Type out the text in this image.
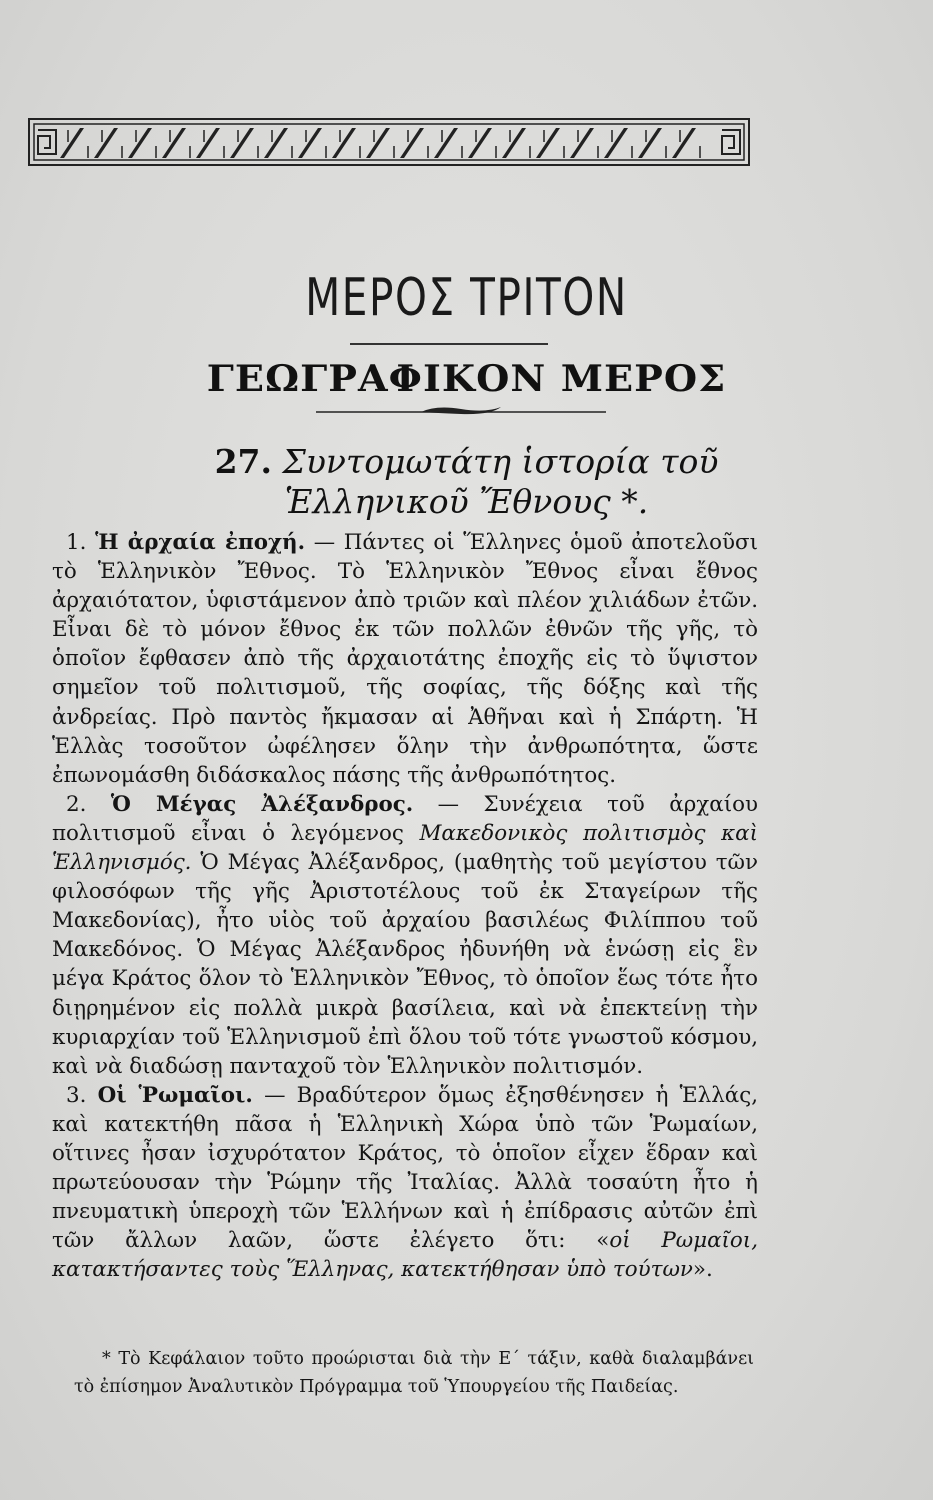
ΜΕΡΟΣ ΤΡΙΤΟΝ
ΓΕΩΓΡΑΦΙΚΟΝ ΜΕΡΟΣ
27. Συντομωτάτη ἱστορία τοῦ
Ἑλληνικοῦ Ἔθνους *.

1. Ἡ ἀρχαία ἐποχή. — Πάντες οἱ Ἕλληνες ὁμοῦ ἀποτελοῦσι τὸ Ἑλληνικὸν Ἔθνος. Τὸ Ἑλληνικὸν Ἔθνος εἶναι ἔθνος ἀρχαιότατον, ὑφιστάμενον ἀπὸ τριῶν καὶ πλέον χιλιάδων ἐτῶν. Εἶναι δὲ τὸ μόνον ἔθνος ἐκ τῶν πολλῶν ἐθνῶν τῆς γῆς, τὸ ὁποῖον ἔφθασεν ἀπὸ τῆς ἀρχαιοτάτης ἐποχῆς εἰς τὸ ὕψιστον σημεῖον τοῦ πολιτισμοῦ, τῆς σοφίας, τῆς δόξης καὶ τῆς ἀνδρείας. Πρὸ παντὸς ἤκμασαν αἱ Ἀθῆναι καὶ ἡ Σπάρτη. Ἡ Ἑλλὰς τοσοῦτον ὠφέλησεν ὅλην τὴν ἀνθρωπότητα, ὥστε ἐπωνομάσθη διδάσκαλος πάσης τῆς ἀνθρωπότητος.

2. Ὁ Μέγας Ἀλέξανδρος. — Συνέχεια τοῦ ἀρχαίου πολιτισμοῦ εἶναι ὁ λεγόμενος Μακεδονικὸς πολιτισμὸς καὶ Ἑλληνισμός. Ὁ Μέγας Ἀλέξανδρος, (μαθητὴς τοῦ μεγίστου τῶν φιλοσόφων τῆς γῆς Ἀριστοτέλους τοῦ ἐκ Σταγείρων τῆς Μακεδονίας), ἦτο υἱὸς τοῦ ἀρχαίου βασιλέως Φιλίππου τοῦ Μακεδόνος. Ὁ Μέγας Ἀλέξανδρος ἠδυνήθη νὰ ἑνώσῃ εἰς ἓν μέγα Κράτος ὅλον τὸ Ἑλληνικὸν Ἔθνος, τὸ ὁποῖον ἕως τότε ἦτο διῃρημένον εἰς πολλὰ μικρὰ βασίλεια, καὶ νὰ ἐπεκτείνῃ τὴν κυριαρχίαν τοῦ Ἑλληνισμοῦ ἐπὶ ὅλου τοῦ τότε γνωστοῦ κόσμου, καὶ νὰ διαδώσῃ πανταχοῦ τὸν Ἑλληνικὸν πολιτισμόν.

3. Οἱ Ῥωμαῖοι. — Βραδύτερον ὅμως ἐξησθένησεν ἡ Ἑλλάς, καὶ κατεκτήθη πᾶσα ἡ Ἑλληνικὴ Χώρα ὑπὸ τῶν Ῥωμαίων, οἵτινες ἦσαν ἰσχυρότατον Κράτος, τὸ ὁποῖον εἶχεν ἕδραν καὶ πρωτεύουσαν τὴν Ῥώμην τῆς Ἰταλίας. Ἀλλὰ τοσαύτη ἦτο ἡ πνευματικὴ ὑπεροχὴ τῶν Ἑλλήνων καὶ ἡ ἐπίδρασις αὐτῶν ἐπὶ τῶν ἄλλων λαῶν, ὥστε ἐλέγετο ὅτι: «οἱ Ρωμαῖοι, κατακτήσαντες τοὺς Ἕλληνας, κατεκτήθησαν ὑπὸ τούτων».

* Τὸ Κεφάλαιον τοῦτο προώρισται διὰ τὴν Ε΄ τάξιν, καθὰ διαλαμβάνει τὸ ἐπίσημον Ἀναλυτικὸν Πρόγραμμα τοῦ Ὑπουργείου τῆς Παιδείας.
